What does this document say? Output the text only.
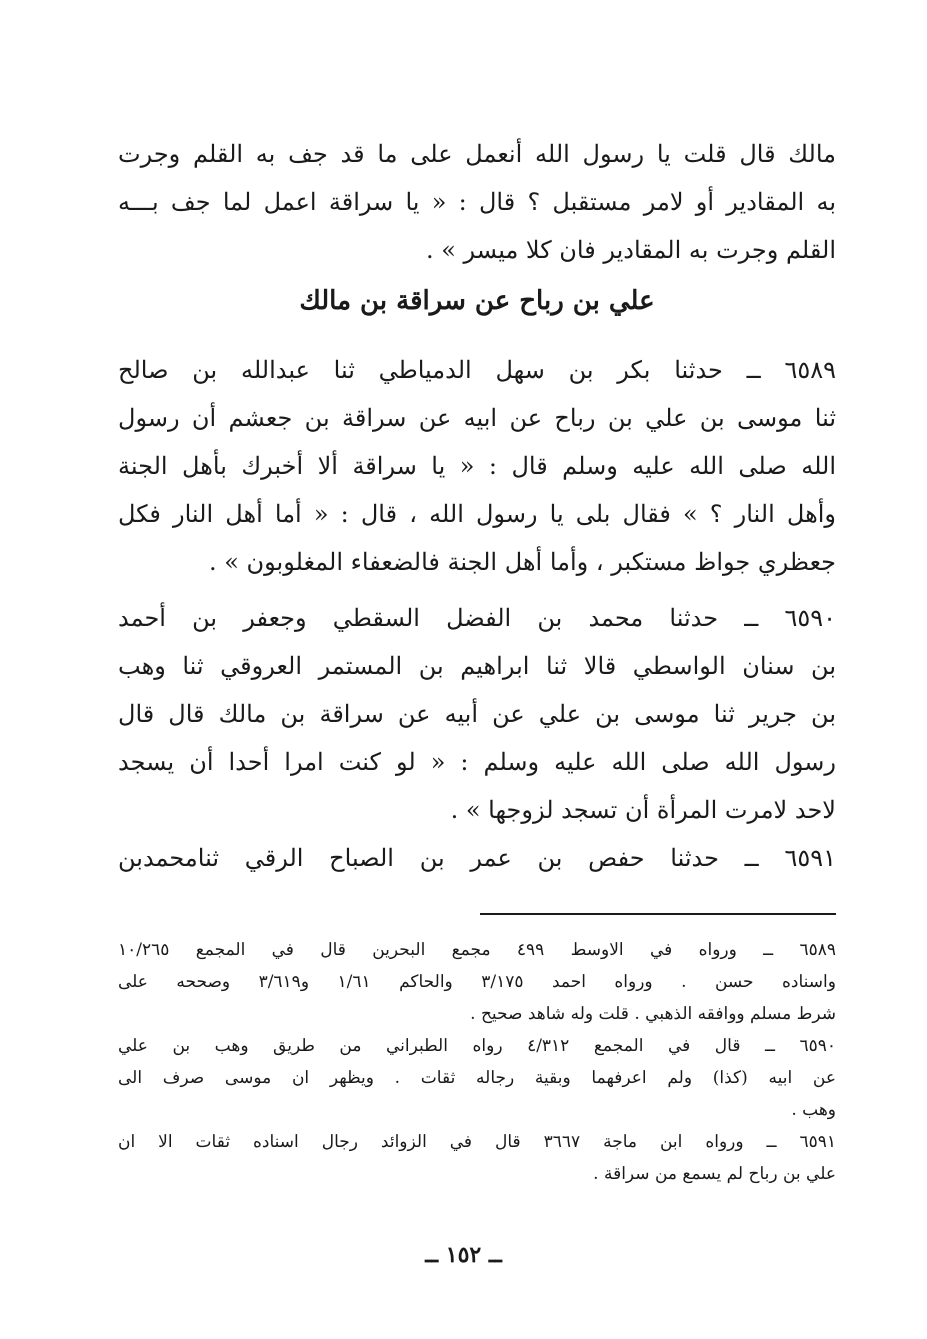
مالك قال قلت يا رسول الله أنعمل على ما قد جف به القلم وجرت
به المقادير أو لامر مستقبل ؟ قال : « يا سراقة اعمل لما جف بـــه
القلم وجرت به المقادير فان كلا ميسر » .
علي بن رباح عن سراقة بن مالك
٦٥٨٩ ــ حدثنا بكر بن سهل الدمياطي ثنا عبدالله بن صالح
ثنا موسى بن علي بن رباح عن ابيه عن سراقة بن جعشم أن رسول
الله صلى الله عليه وسلم قال : « يا سراقة ألا أخبرك بأهل الجنة
وأهل النار ؟ » فقال بلى يا رسول الله ، قال : « أما أهل النار فكل
جعظري جواظ مستكبر ، وأما أهل الجنة فالضعفاء المغلوبون » .
٦٥٩٠ ــ حدثنا محمد بن الفضل السقطي وجعفر بن أحمد
بن سنان الواسطي قالا ثنا ابراهيم بن المستمر العروقي ثنا وهب
بن جرير ثنا موسى بن علي عن أبيه عن سراقة بن مالك قال قال
رسول الله صلى الله عليه وسلم : « لو كنت امرا أحدا أن يسجد
لاحد لامرت المرأة أن تسجد لزوجها » .
٦٥٩١ ــ حدثنا حفص بن عمر بن الصباح الرقي ثنامحمدبن
٦٥٨٩ ــ ورواه في الاوسط ٤٩٩ مجمع البحرين قال في المجمع ١٠/٢٦٥
واسناده حسن . ورواه احمد ٣/١٧٥ والحاكم ١/٦١ و٣/٦١٩ وصححه على
شرط مسلم ووافقه الذهبي . قلت وله شاهد صحيح .
٦٥٩٠ ــ قال في المجمع ٤/٣١٢ رواه الطبراني من طريق وهب بن علي
عن ابيه (كذا) ولم اعرفهما وبقية رجاله ثقات . ويظهر ان موسى صرف الى
وهب .
٦٥٩١ ــ ورواه ابن ماجة ٣٦٦٧ قال في الزوائد رجال اسناده ثقات الا ان
علي بن رباح لم يسمع من سراقة .
ــ ١٥٢ ــ
